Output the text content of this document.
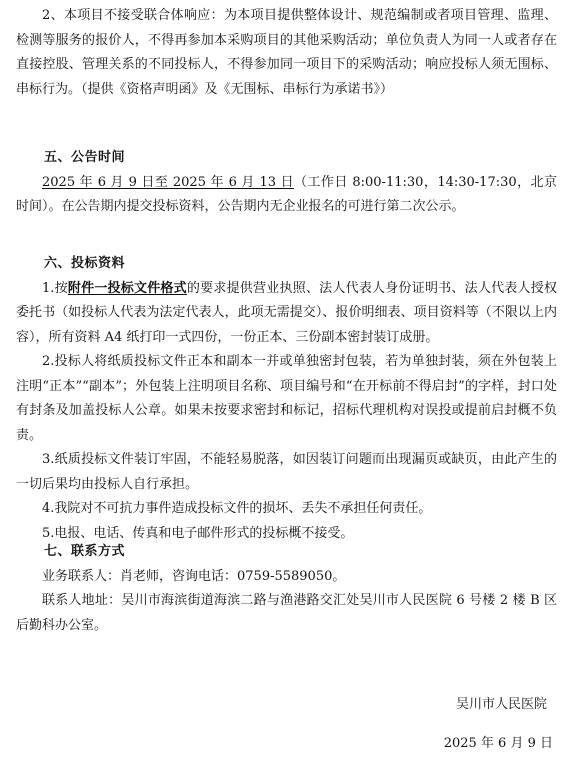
2、本项目不接受联合体响应：为本项目提供整体设计、规范编制或者项目管理、监理、检测等服务的报价人，不得再参加本采购项目的其他采购活动；单位负责人为同一人或者存在直接控股、管理关系的不同投标人，不得参加同一项目下的采购活动；响应投标人须无围标、串标行为。（提供《资格声明函》及《无围标、串标行为承诺书》）

五、公告时间

2025 年 6 月 9 日至 2025 年 6 月 13 日（工作日 8:00-11:30，14:30-17:30，北京时间）。在公告期内提交投标资料，公告期内无企业报名的可进行第二次公示。

六、投标资料

1.按附件一投标文件格式的要求提供营业执照、法人代表人身份证明书、法人代表人授权委托书（如投标人代表为法定代表人，此项无需提交）、报价明细表、项目资料等（不限以上内容），所有资料 A4 纸打印一式四份，一份正本、三份副本密封装订成册。

2.投标人将纸质投标文件正本和副本一并或单独密封包装，若为单独封装，须在外包装上注明“正本”“副本”；外包装上注明项目名称、项目编号和“在开标前不得启封”的字样，封口处有封条及加盖投标人公章。如果未按要求密封和标记，招标代理机构对误投或提前启封概不负责。

3.纸质投标文件装订牢固，不能轻易脱落，如因装订问题而出现漏页或缺页，由此产生的一切后果均由投标人自行承担。

4.我院对不可抗力事件造成投标文件的损坏、丢失不承担任何责任。

5.电报、电话、传真和电子邮件形式的投标概不接受。

七、联系方式

业务联系人：肖老师，咨询电话：0759-5589050。

联系人地址：吴川市海滨街道海滨二路与渔港路交汇处吴川市人民医院 6 号楼 2 楼 B 区后勤科办公室。

吴川市人民医院
2025 年 6 月 9 日
